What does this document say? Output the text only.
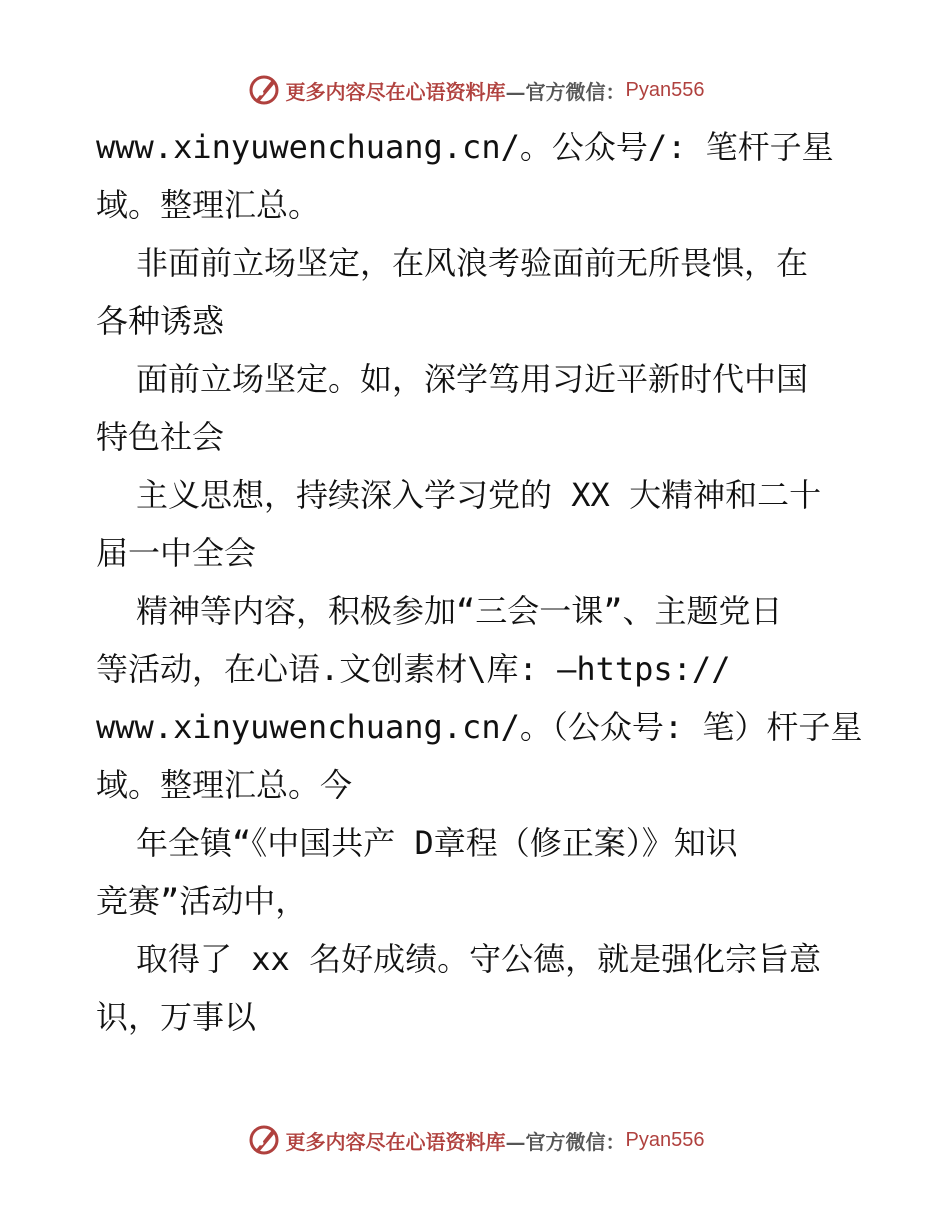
更多内容尽在心语资料库 —官方微信： Pyan556
www.xinyuwenchuang.cn/。公众号/: 笔杆子星
域。整理汇总。
非面前立场坚定，在风浪考验面前无所畏惧，在
各种诱惑
面前立场坚定。如，深学笃用习近平新时代中国
特色社会
主义思想，持续深入学习党的 XX 大精神和二十
届一中全会
精神等内容，积极参加“三会一课”、主题党日
等活动，在心语.文创素材\库: —https://
www.xinyuwenchuang.cn/。（公众号: 笔）杆子星
域。整理汇总。今
年全镇“《中国共产 D章程（修正案）》知识
竞赛”活动中，
取得了 xx 名好成绩。守公德，就是强化宗旨意
识，万事以
更多内容尽在心语资料库 —官方微信： Pyan556
